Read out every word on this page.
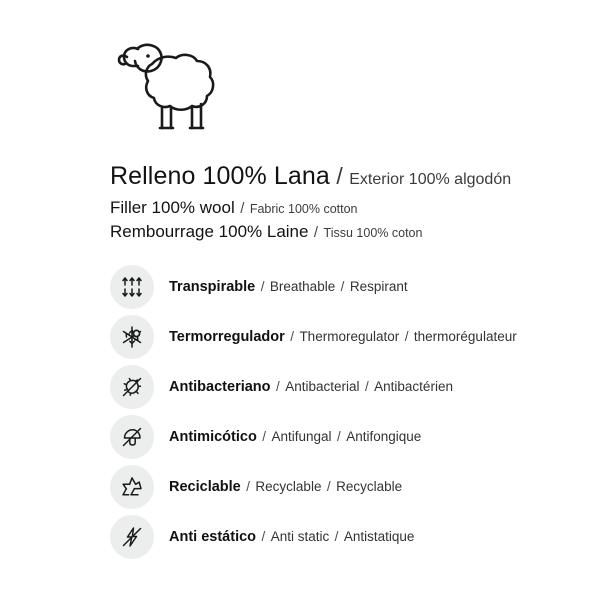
Relleno 100% Lana / Exterior 100% algodón
Filler 100% wool / Fabric 100% cotton
Rembourrage 100% Laine / Tissu 100% coton
Transpirable / Breathable / Respirant
Termorregulador / Thermoregulator / thermorégulateur
Antibacteriano / Antibacterial / Antibactérien
Antimicótico / Antifungal / Antifongique
Reciclable / Recyclable / Recyclable
Anti estático / Anti static / Antistatique
